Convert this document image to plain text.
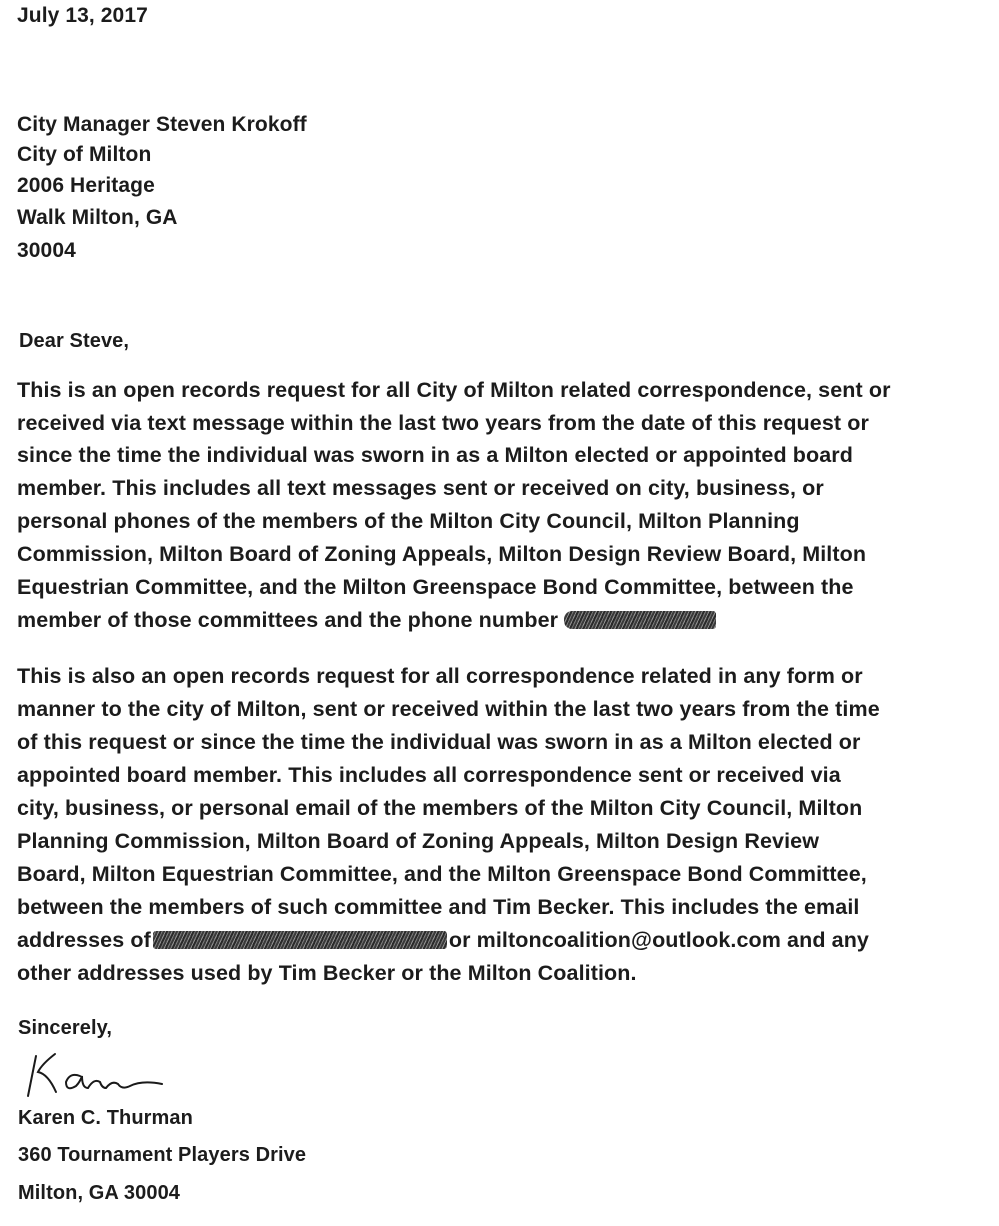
July 13, 2017
City Manager Steven Krokoff
City of Milton
2006 Heritage
Walk Milton, GA
30004
Dear Steve,
This is an open records request for all City of Milton related correspondence, sent or
received via text message within the last two years from the date of this request or
since the time the individual was sworn in as a Milton elected or appointed board
member. This includes all text messages sent or received on city, business, or
personal phones of the members of the Milton City Council, Milton Planning
Commission, Milton Board of Zoning Appeals, Milton Design Review Board, Milton
Equestrian Committee, and the Milton Greenspace Bond Committee, between the
member of those committees and the phone number
This is also an open records request for all correspondence related in any form or
manner to the city of Milton, sent or received within the last two years from the time
of this request or since the time the individual was sworn in as a Milton elected or
appointed board member. This includes all correspondence sent or received via
city, business, or personal email of the members of the Milton City Council, Milton
Planning Commission, Milton Board of Zoning Appeals, Milton Design Review
Board, Milton Equestrian Committee, and the Milton Greenspace Bond Committee,
between the members of such committee and Tim Becker. This includes the email
addresses of	or miltoncoalition@outlook.com and any
other addresses used by Tim Becker or the Milton Coalition.
Sincerely,
Karen C. Thurman
360 Tournament Players Drive
Milton, GA 30004
